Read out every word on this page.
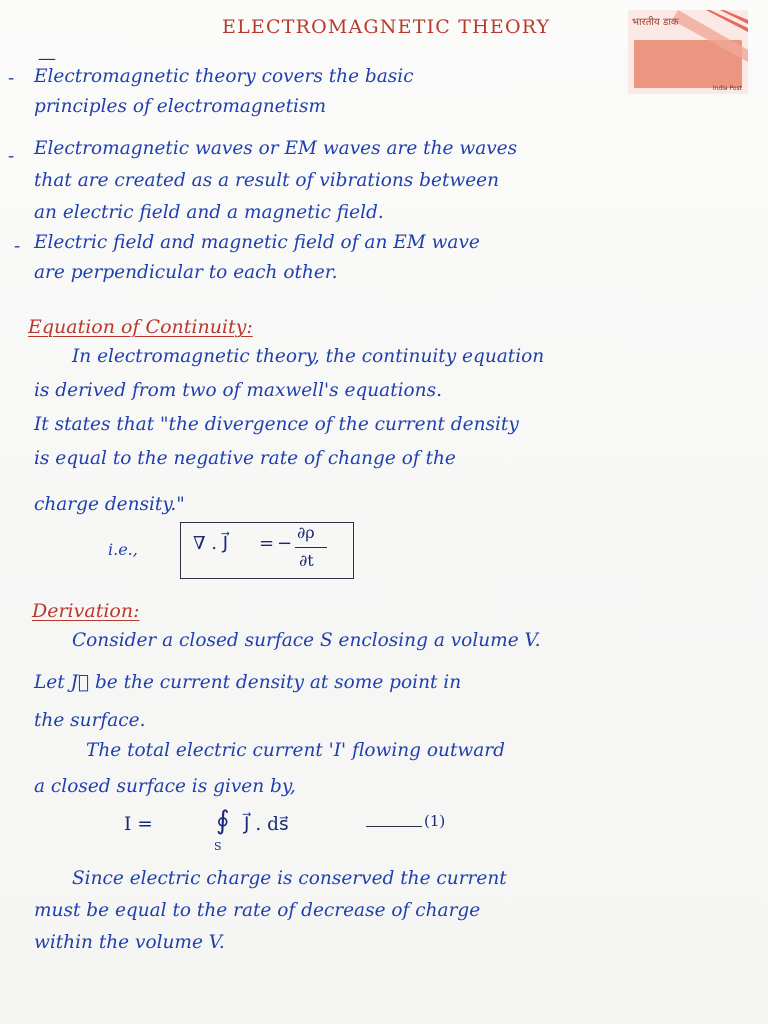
भारतीय डाक
India Post
ELECTROMAGNETIC THEORY
—
- Electromagnetic theory covers the basic
principles of electromagnetism
- Electromagnetic waves or EM waves are the waves
that are created as a result of vibrations between
an electric field and a magnetic field.
- Electric field and magnetic field of an EM wave
are perpendicular to each other.
Equation of Continuity:
In electromagnetic theory, the continuity equation
is derived from two of maxwell's equations.
It states that "the divergence of the current density
is equal to the negative rate of change of the
charge density."
i.e.,	∇ . J⃗ = −
∂ρ
∂t
Derivation:
Consider a closed surface S enclosing a volume V.
Let J⃗ be the current density at some point in
the surface.
The total electric current 'I' flowing outward
a closed surface is given by,
I = ∮
S
J⃗ . ds⃗	(1)
Since electric charge is conserved the current
must be equal to the rate of decrease of charge
within the volume V.
